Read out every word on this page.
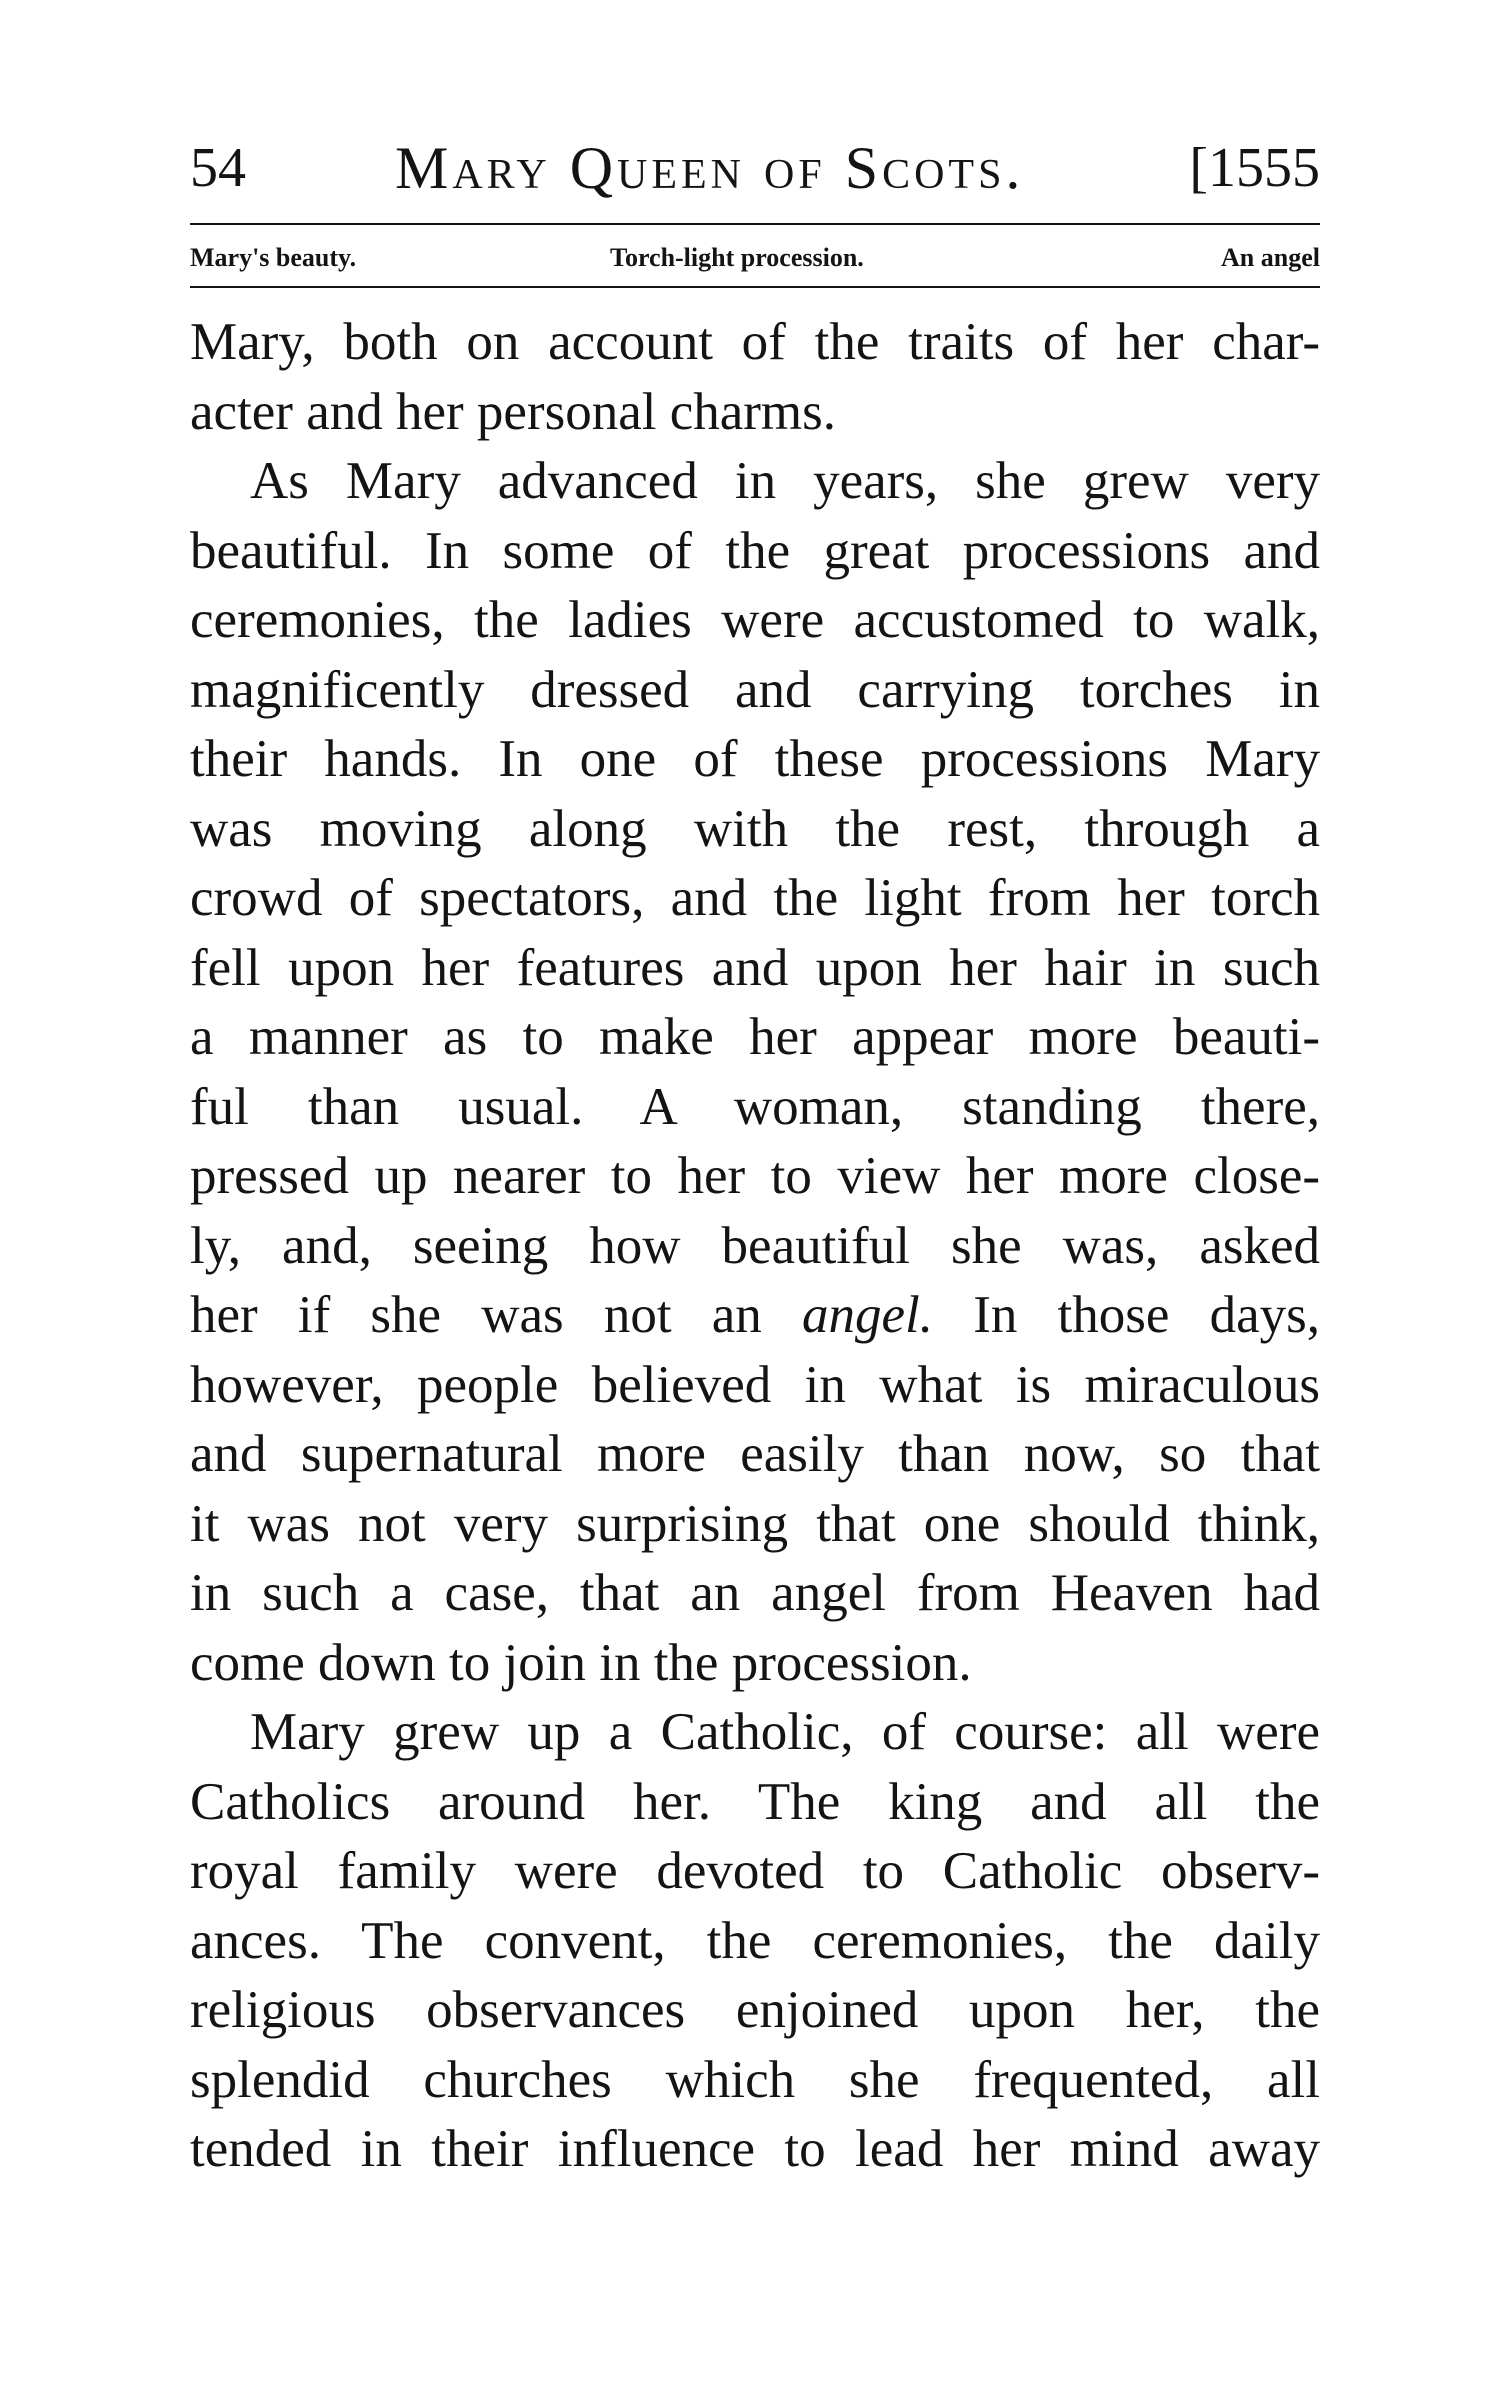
54 Mary Queen of Scots.	[1555
Mary's beauty.	Torch-light procession.	An angel
Mary, both on account of the traits of her char-
acter and her personal charms.
As Mary advanced in years, she grew very
beautiful. In some of the great processions and
ceremonies, the ladies were accustomed to walk,
magnificently dressed and carrying torches in
their hands. In one of these processions Mary
was moving along with the rest, through a
crowd of spectators, and the light from her torch
fell upon her features and upon her hair in such
a manner as to make her appear more beauti-
ful than usual. A woman, standing there,
pressed up nearer to her to view her more close-
ly, and, seeing how beautiful she was, asked
her if she was not an angel. In those days,
however, people believed in what is miraculous
and supernatural more easily than now, so that
it was not very surprising that one should think,
in such a case, that an angel from Heaven had
come down to join in the procession.
Mary grew up a Catholic, of course: all were
Catholics around her. The king and all the
royal family were devoted to Catholic observ-
ances. The convent, the ceremonies, the daily
religious observances enjoined upon her, the
splendid churches which she frequented, all
tended in their influence to lead her mind away
